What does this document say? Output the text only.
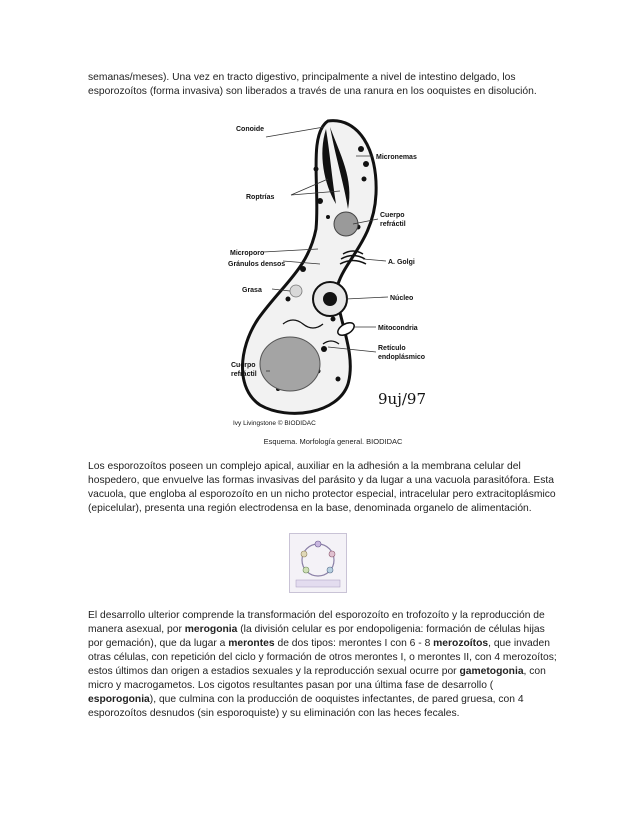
semanas/meses). Una vez en tracto digestivo, principalmente a nivel de intestino delgado, los esporozoítos (forma invasiva) son liberados a través de una ranura en los ooquistes en disolución.

Conoide
Micronemas
Roptrías
Cuerpo
refráctil
Microporo
Gránulos densos	A. Golgi
Grasa
Núcleo
Mitocondria
Retículo
endoplásmico
Cuerpo
refráctil
9uj/97
Ivy Livingstone © BIODIDAC
Esquema. Morfología general. BIODIDAC

Los esporozoítos poseen un complejo apical, auxiliar en la adhesión a la membrana celular del hospedero, que envuelve las formas invasivas del parásito y da lugar a una vacuola parasitófora. Esta vacuola, que engloba al esporozoíto en un nicho protector especial, intracelular pero extracitoplásmico (epicelular), presenta una región electrodensa en la base, denominada organelo de alimentación.

El desarrollo ulterior comprende la transformación del esporozoíto en trofozoíto y la reproducción de manera asexual, por merogonia (la división celular es por endopoligenia: formación de células hijas por gemación), que da lugar a merontes de dos tipos: merontes I con 6 - 8 merozoítos, que invaden otras células, con repetición del ciclo y formación de otros merontes I, o merontes II, con 4 merozoítos; estos últimos dan origen a estadios sexuales y la reproducción sexual ocurre por gametogonia, con micro y macrogametos. Los cigotos resultantes pasan por una última fase de desarrollo ( esporogonia), que culmina con la producción de ooquistes infectantes, de pared gruesa, con 4 esporozoítos desnudos (sin esporoquiste) y su eliminación con las heces fecales.
